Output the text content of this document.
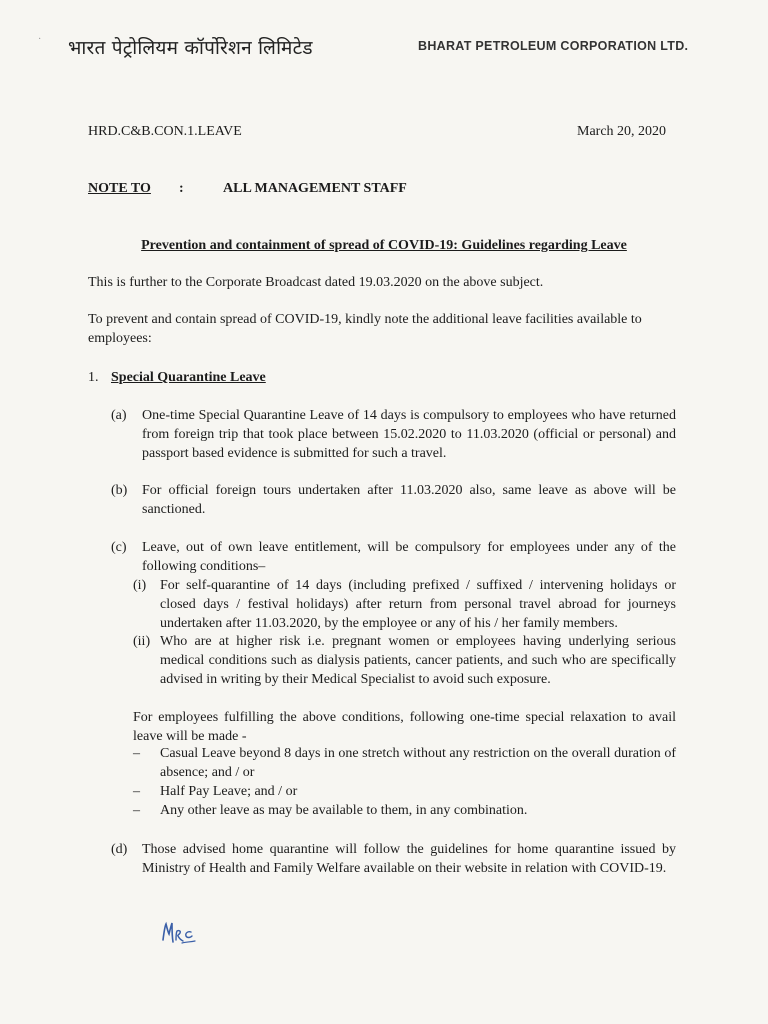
· भारत पेट्रोलियम कॉर्पोरेशन लिमिटेड	BHARAT PETROLEUM CORPORATION LTD.
HRD.C&B.CON.1.LEAVE	March 20, 2020
NOTE TO :	ALL MANAGEMENT STAFF
Prevention and containment of spread of COVID-19: Guidelines regarding Leave
This is further to the Corporate Broadcast dated 19.03.2020 on the above subject.
To prevent and contain spread of COVID-19, kindly note the additional leave facilities available to employees:
1. Special Quarantine Leave
(a) One-time Special Quarantine Leave of 14 days is compulsory to employees who have returned from foreign trip that took place between 15.02.2020 to 11.03.2020 (official or personal) and passport based evidence is submitted for such a travel.
(b) For official foreign tours undertaken after 11.03.2020 also, same leave as above will be sanctioned.
(c) Leave, out of own leave entitlement, will be compulsory for employees under any of the following conditions–
(i) For self-quarantine of 14 days (including prefixed / suffixed / intervening holidays or closed days / festival holidays) after return from personal travel abroad for journeys undertaken after 11.03.2020, by the employee or any of his / her family members.
(ii) Who are at higher risk i.e. pregnant women or employees having underlying serious medical conditions such as dialysis patients, cancer patients, and such who are specifically advised in writing by their Medical Specialist to avoid such exposure.
For employees fulfilling the above conditions, following one-time special relaxation to avail leave will be made -
– Casual Leave beyond 8 days in one stretch without any restriction on the overall duration of absence; and / or
– Half Pay Leave; and / or
– Any other leave as may be available to them, in any combination.
(d) Those advised home quarantine will follow the guidelines for home quarantine issued by Ministry of Health and Family Welfare available on their website in relation with COVID-19.
